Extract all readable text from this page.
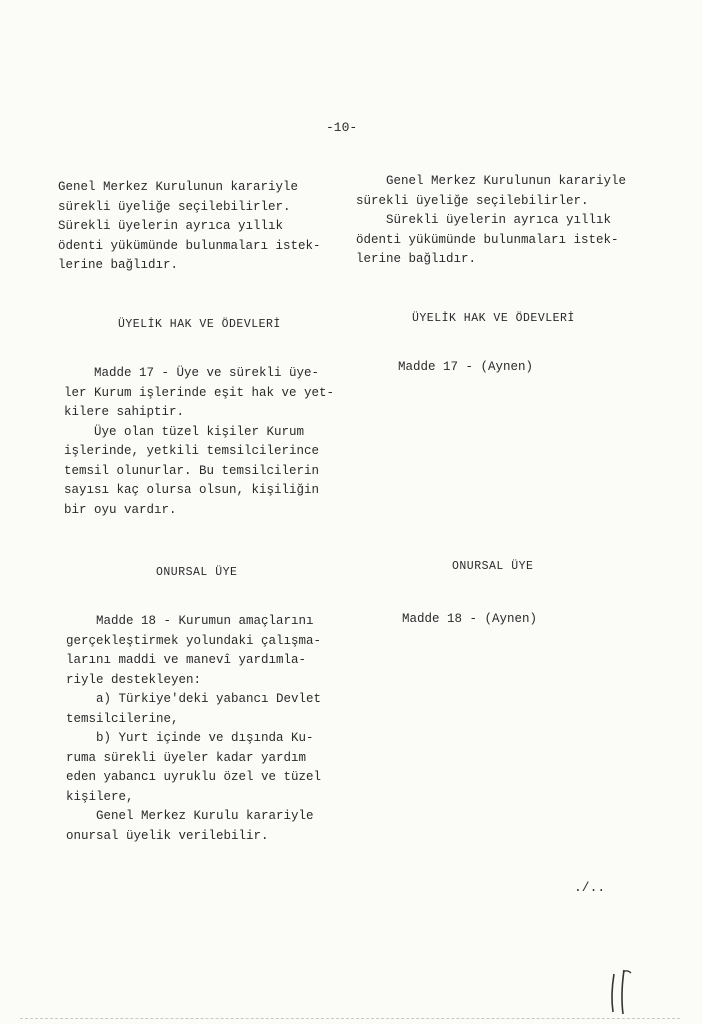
-10-

Genel Merkez Kurulunun karariyle

sürekli üyeliğe seçilebilirler.

Sürekli üyelerin ayrıca yıllık

ödenti yükümünde bulunmaları istek-

lerine bağlıdır.

ÜYELİK HAK VE ÖDEVLERİ

Madde 17 - Üye ve sürekli üye-

ler Kurum işlerinde eşit hak ve yet-

kilere sahiptir.

Üye olan tüzel kişiler Kurum

işlerinde, yetkili temsilcilerince

temsil olunurlar. Bu temsilcilerin

sayısı kaç olursa olsun, kişiliğin

bir oyu vardır.

ONURSAL ÜYE

Madde 18 - Kurumun amaçlarını

gerçekleştirmek yolundaki çalışma-

larını maddi ve manevî yardımla-

riyle destekleyen:

a) Türkiye'deki yabancı Devlet

temsilcilerine,

b) Yurt içinde ve dışında Ku-

ruma sürekli üyeler kadar yardım

eden yabancı uyruklu özel ve tüzel

kişilere,

Genel Merkez Kurulu karariyle

onursal üyelik verilebilir.

Genel Merkez Kurulunun karariyle

sürekli üyeliğe seçilebilirler.

Sürekli üyelerin ayrıca yıllık

ödenti yükümünde bulunmaları istek-

lerine bağlıdır.

ÜYELİK HAK VE ÖDEVLERİ

Madde 17 - (Aynen)

ONURSAL ÜYE

Madde 18 - (Aynen)

./..
